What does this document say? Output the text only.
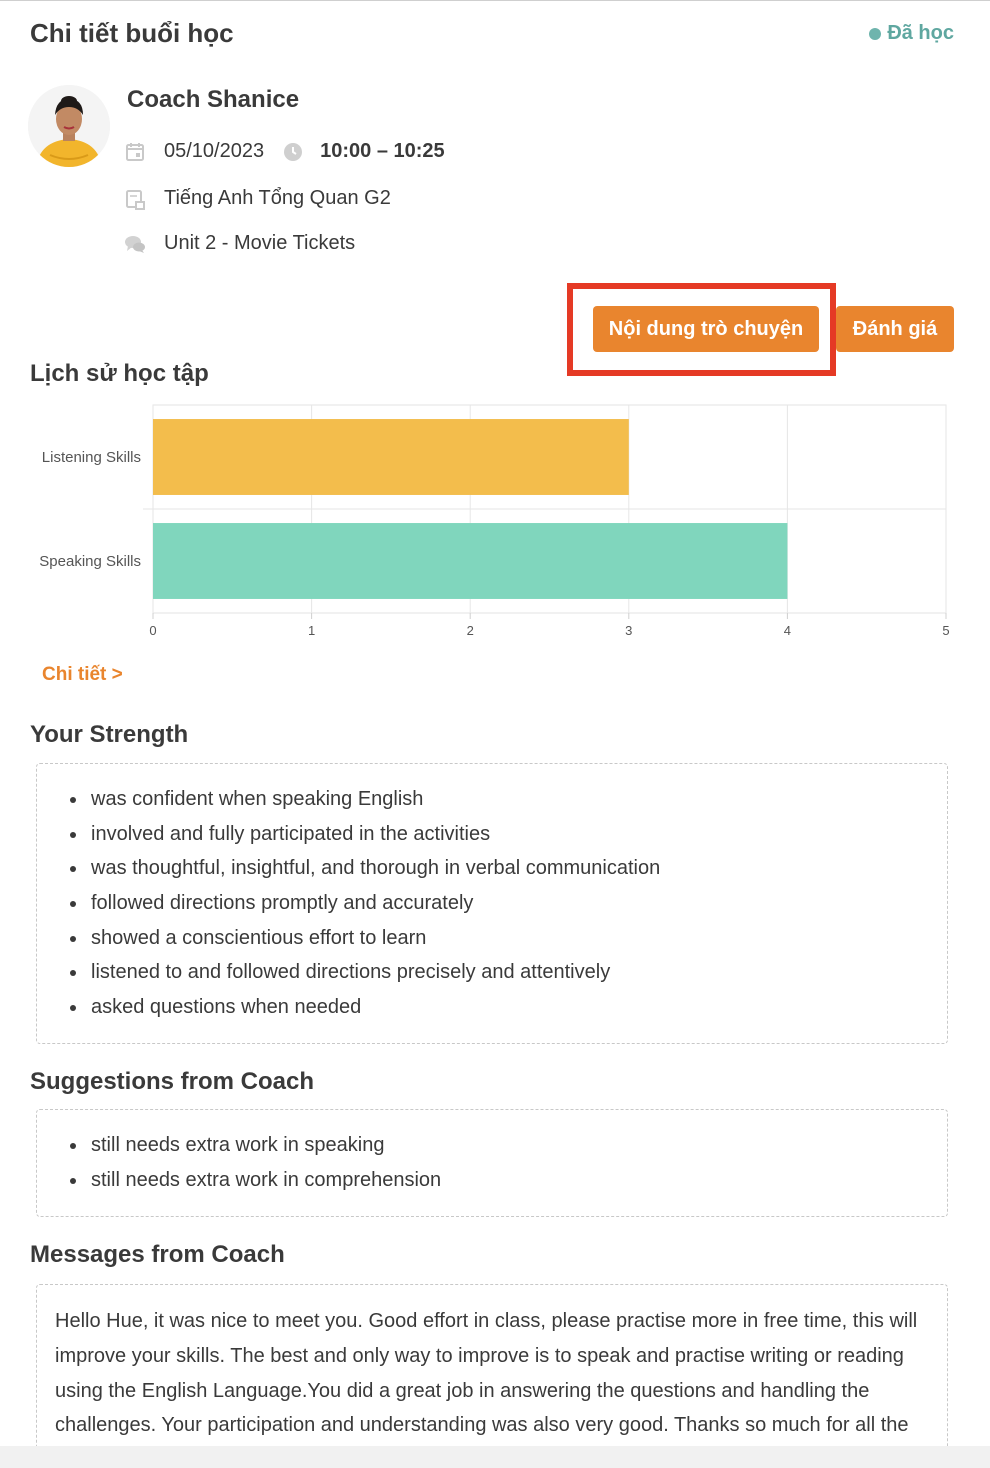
Chi tiết buổi học	Đã học
Coach Shanice
05/10/2023	10:00 – 10:25
Tiếng Anh Tổng Quan G2
Unit 2 - Movie Tickets
Nội dung trò chuyện	Đánh giá
Lịch sử học tập
0	1	2	3	4	5
Listening Skills
Speaking Skills
Chi tiết >
Your Strength
was confident when speaking English
involved and fully participated in the activities
was thoughtful, insightful, and thorough in verbal communication
followed directions promptly and accurately
showed a conscientious effort to learn
listened to and followed directions precisely and attentively
asked questions when needed
Suggestions from Coach
still needs extra work in speaking
still needs extra work in comprehension
Messages from Coach

Hello Hue, it was nice to meet you. Good effort in class, please practise more in free time, this will improve your skills. The best and only way to improve is to speak and practise writing or reading using the English Language.You did a great job in answering the questions and handling the challenges. Your participation and understanding was also very good. Thanks so much for all the
